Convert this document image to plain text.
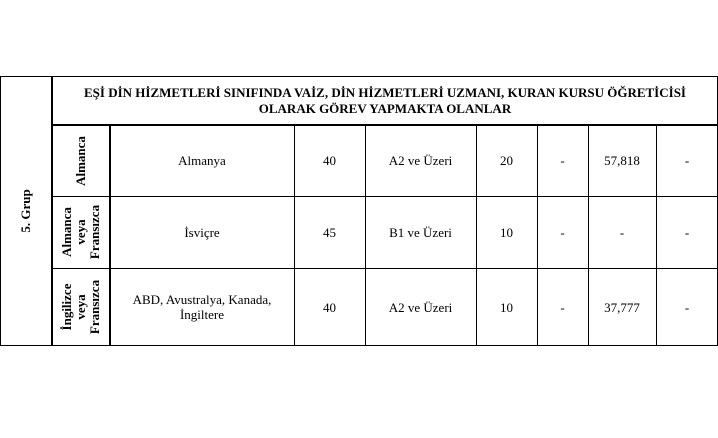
5. Grup
EŞİ DİN HİZMETLERİ SINIFINDA VAİZ, DİN HİZMETLERİ UZMANI, KURAN KURSU ÖĞRETİCİSİ OLARAK GÖREV YAPMAKTA OLANLAR
Almanca	Almanya	40	A2 ve Üzeri	20	-	57,818	-
Almanca veya Fransızca	İsviçre	45	B1 ve Üzeri	10	-	-	-
İngilizce veya Fransızca	ABD, Avustralya, Kanada, İngiltere	40	A2 ve Üzeri	10	-	37,777	-
